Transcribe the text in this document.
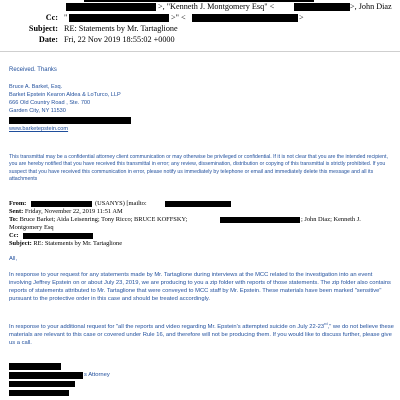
>, "Kenneth J. Montgomery Esq" <	>, John Diaz
Cc: "	>" <	>
Subject: RE: Statements by Mr. Tartaglione
Date: Fri, 22 Nov 2019 18:55:02 +0000
Received. Thanks
Bruce A. Barket, Esq.
Barket Epstein Kearon Aldea & LoTurco, LLP
666 Old Country Road , Ste. 700
Garden City, NY 11530
www.barketepstein.com
This transmittal may be a confidential attorney client communication or may otherwise be privileged or confidential. If it is not clear that you are the intended recipient, you are hereby notified that you have received this transmittal in error; any review, dissemination, distribution or copying of this transmittal is strictly prohibited. If you suspect that you have received this communication in error, please notify us immediately by telephone or email and immediately delete this message and all its attachments
From:	(USANYS) [mailto:
Sent: Friday, November 22, 2019 11:51 AM
To: Bruce Barket; Aida Leisenring; Tony Ricco; BRUCE KOFFSKY;	; John Diaz; Kenneth J.
Montgomery Esq
Cc:
Subject: RE: Statements by Mr. Tartaglione
All,
In response to your request for any statements made by Mr. Tartaglione during interviews at the MCC related to the investigation into an event involving Jeffrey Epstein on or about July 23, 2019, we are producing to you a zip folder with reports of those statements. The zip folder also contains reports of statements attributed to Mr. Tartaglione that were conveyed to MCC staff by Mr. Epstein. These materials have been marked "sensitive" pursuant to the protective order in this case and should be treated accordingly.
In response to your additional request for "all the reports and video regarding Mr. Epstein's attempted suicide on July 22-23rd," we do not believe these materials are relevant to this case or covered under Rule 16, and therefore will not be producing them. If you would like to discuss further, please give us a call.
s Attorney
